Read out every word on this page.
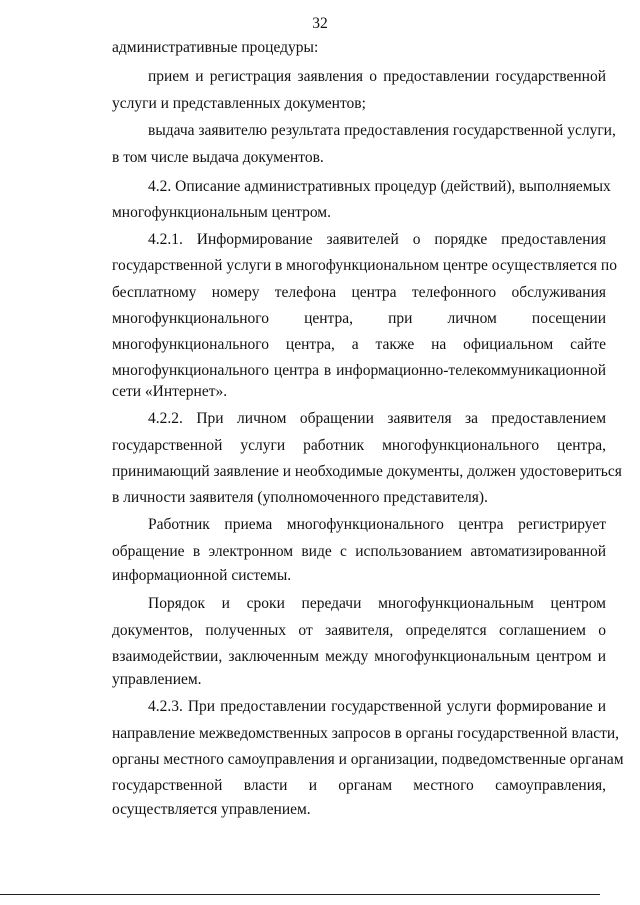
32
административные процедуры:
прием и регистрация заявления о предоставлении государственной
услуги и представленных документов;
выдача заявителю результата предоставления государственной услуги,
в том числе выдача документов.
4.2. Описание административных процедур (действий), выполняемых
многофункциональным центром.
4.2.1. Информирование заявителей о порядке предоставления
государственной услуги в многофункциональном центре осуществляется по
бесплатному номеру телефона центра телефонного обслуживания
многофункционального центра, при личном посещении
многофункционального центра, а также на официальном сайте
многофункционального центра в информационно-телекоммуникационной
сети «Интернет».
4.2.2. При личном обращении заявителя за предоставлением
государственной услуги работник многофункционального центра,
принимающий заявление и необходимые документы, должен удостовериться
в личности заявителя (уполномоченного представителя).
Работник приема многофункционального центра регистрирует
обращение в электронном виде с использованием автоматизированной
информационной системы.
Порядок и сроки передачи многофункциональным центром
документов, полученных от заявителя, определятся соглашением о
взаимодействии, заключенным между многофункциональным центром и
управлением.
4.2.3. При предоставлении государственной услуги формирование и
направление межведомственных запросов в органы государственной власти,
органы местного самоуправления и организации, подведомственные органам
государственной власти и органам местного самоуправления,
осуществляется управлением.
